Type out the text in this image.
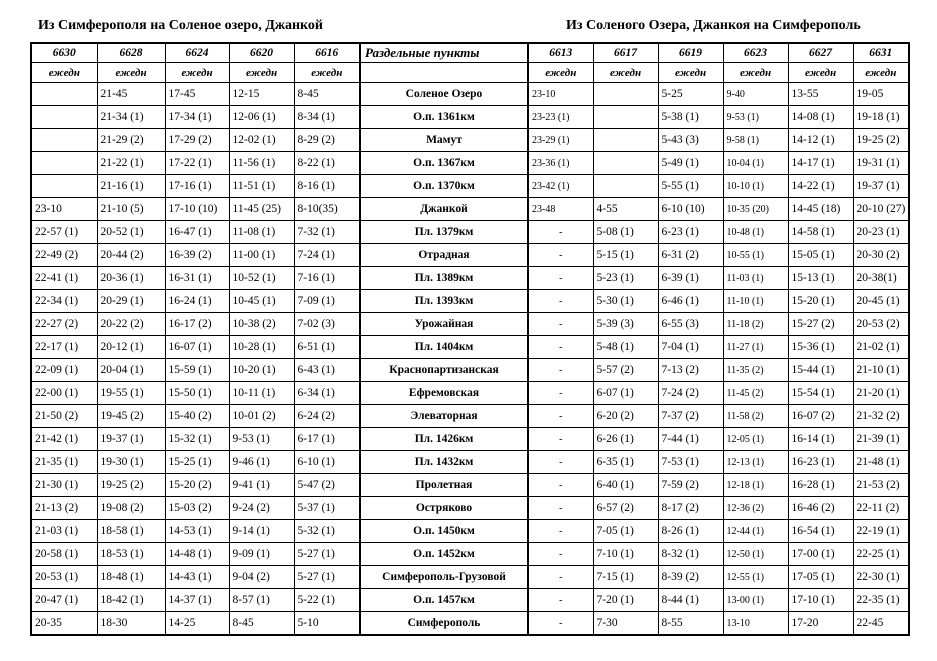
Из Симферополя на Соленое озеро, Джанкой	Из Соленого Озера, Джанкоя на Симферополь
6630	6628	6624	6620	6616	Раздельные пункты	6613	6617	6619	6623	6627	6631
ежедн	ежедн	ежедн	ежедн	ежедн		ежедн	ежедн	ежедн	ежедн	ежедн	ежедн
	21-45	17-45	12-15	8-45	Соленое Озеро	23-10		5-25	9-40	13-55	19-05
	21-34 (1)	17-34 (1)	12-06 (1)	8-34 (1)	О.п. 1361км	23-23 (1)		5-38 (1)	9-53 (1)	14-08 (1)	19-18 (1)
	21-29 (2)	17-29 (2)	12-02 (1)	8-29 (2)	Мамут	23-29 (1)		5-43 (3)	9-58 (1)	14-12 (1)	19-25 (2)
	21-22 (1)	17-22 (1)	11-56 (1)	8-22 (1)	О.п. 1367км	23-36 (1)		5-49 (1)	10-04 (1)	14-17 (1)	19-31 (1)
	21-16 (1)	17-16 (1)	11-51 (1)	8-16 (1)	О.п. 1370км	23-42 (1)		5-55 (1)	10-10 (1)	14-22 (1)	19-37 (1)
23-10	21-10 (5)	17-10 (10)	11-45 (25)	8-10(35)	Джанкой	23-48	4-55	6-10 (10)	10-35 (20)	14-45 (18)	20-10 (27)
22-57 (1)	20-52 (1)	16-47 (1)	11-08 (1)	7-32 (1)	Пл. 1379км	-	5-08 (1)	6-23 (1)	10-48 (1)	14-58 (1)	20-23 (1)
22-49 (2)	20-44 (2)	16-39 (2)	11-00 (1)	7-24 (1)	Отрадная	-	5-15 (1)	6-31 (2)	10-55 (1)	15-05 (1)	20-30 (2)
22-41 (1)	20-36 (1)	16-31 (1)	10-52 (1)	7-16 (1)	Пл. 1389км	-	5-23 (1)	6-39 (1)	11-03 (1)	15-13 (1)	20-38(1)
22-34 (1)	20-29 (1)	16-24 (1)	10-45 (1)	7-09 (1)	Пл. 1393км	-	5-30 (1)	6-46 (1)	11-10 (1)	15-20 (1)	20-45 (1)
22-27 (2)	20-22 (2)	16-17 (2)	10-38 (2)	7-02 (3)	Урожайная	-	5-39 (3)	6-55 (3)	11-18 (2)	15-27 (2)	20-53 (2)
22-17 (1)	20-12 (1)	16-07 (1)	10-28 (1)	6-51 (1)	Пл. 1404км	-	5-48 (1)	7-04 (1)	11-27 (1)	15-36 (1)	21-02 (1)
22-09 (1)	20-04 (1)	15-59 (1)	10-20 (1)	6-43 (1)	Краснопартизанская	-	5-57 (2)	7-13 (2)	11-35 (2)	15-44 (1)	21-10 (1)
22-00 (1)	19-55 (1)	15-50 (1)	10-11 (1)	6-34 (1)	Ефремовская	-	6-07 (1)	7-24 (2)	11-45 (2)	15-54 (1)	21-20 (1)
21-50 (2)	19-45 (2)	15-40 (2)	10-01 (2)	6-24 (2)	Элеваторная	-	6-20 (2)	7-37 (2)	11-58 (2)	16-07 (2)	21-32 (2)
21-42 (1)	19-37 (1)	15-32 (1)	9-53 (1)	6-17 (1)	Пл. 1426км	-	6-26 (1)	7-44 (1)	12-05 (1)	16-14 (1)	21-39 (1)
21-35 (1)	19-30 (1)	15-25 (1)	9-46 (1)	6-10 (1)	Пл. 1432км	-	6-35 (1)	7-53 (1)	12-13 (1)	16-23 (1)	21-48 (1)
21-30 (1)	19-25 (2)	15-20 (2)	9-41 (1)	5-47 (2)	Пролетная	-	6-40 (1)	7-59 (2)	12-18 (1)	16-28 (1)	21-53 (2)
21-13 (2)	19-08 (2)	15-03 (2)	9-24 (2)	5-37 (1)	Остряково	-	6-57 (2)	8-17 (2)	12-36 (2)	16-46 (2)	22-11 (2)
21-03 (1)	18-58 (1)	14-53 (1)	9-14 (1)	5-32 (1)	О.п. 1450км	-	7-05 (1)	8-26 (1)	12-44 (1)	16-54 (1)	22-19 (1)
20-58 (1)	18-53 (1)	14-48 (1)	9-09 (1)	5-27 (1)	О.п. 1452км	-	7-10 (1)	8-32 (1)	12-50 (1)	17-00 (1)	22-25 (1)
20-53 (1)	18-48 (1)	14-43 (1)	9-04 (2)	5-27 (1)	Симферополь-Грузовой	-	7-15 (1)	8-39 (2)	12-55 (1)	17-05 (1)	22-30 (1)
20-47 (1)	18-42 (1)	14-37 (1)	8-57 (1)	5-22 (1)	О.п. 1457км	-	7-20 (1)	8-44 (1)	13-00 (1)	17-10 (1)	22-35 (1)
20-35	18-30	14-25	8-45	5-10	Симферополь	-	7-30	8-55	13-10	17-20	22-45
